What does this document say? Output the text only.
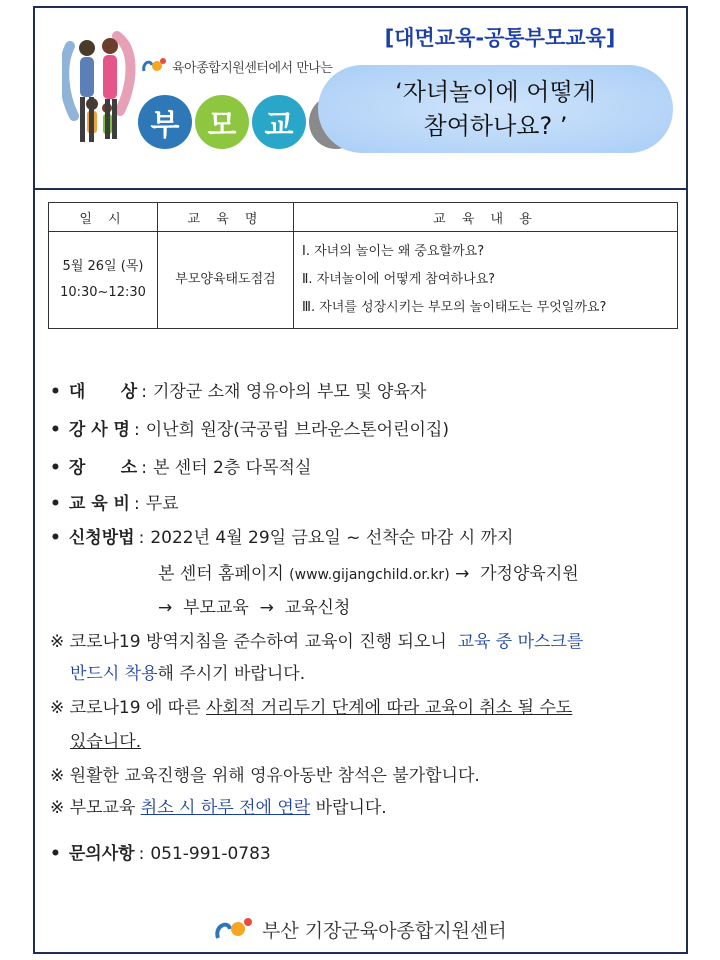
육아종합지원센터에서 만나는
부 모 교
[대면교육-공통부모교육]
‘자녀놀이에 어떻게
참여하나요? ’
일 시	교 육 명	교 육 내 용

5월 26일 (목)
10:30~12:30	부모양육태도점검	Ⅰ. 자녀의 놀이는 왜 중요할까요?
Ⅱ. 자녀놀이에 어떻게 참여하나요?
Ⅲ. 자녀를 성장시키는 부모의 놀이태도는 무엇일까요?
• 대      상 : 기장군 소재 영유아의 부모 및 양육자
• 강 사 명 : 이난희 원장(국공립 브라운스톤어린이집)
• 장      소 : 본 센터 2층 다목적실
• 교 육 비 : 무료
• 신청방법 : 2022년 4월 29일 금요일 ~ 선착순 마감 시 까지
본 센터 홈페이지 (www.gijangchild.or.kr) → 가정양육지원
→ 부모교육 → 교육신청
※ 코로나19 방역지침을 준수하여 교육이 진행 되오니 교육 중 마스크를
반드시 착용해 주시기 바랍니다.
※ 코로나19 에 따른 사회적 거리두기 단계에 따라 교육이 취소 될 수도
있습니다.
※ 원활한 교육진행을 위해 영유아동반 참석은 불가합니다.
※ 부모교육 취소 시 하루 전에 연락 바랍니다.
• 문의사항 : 051-991-0783
부산 기장군육아종합지원센터
